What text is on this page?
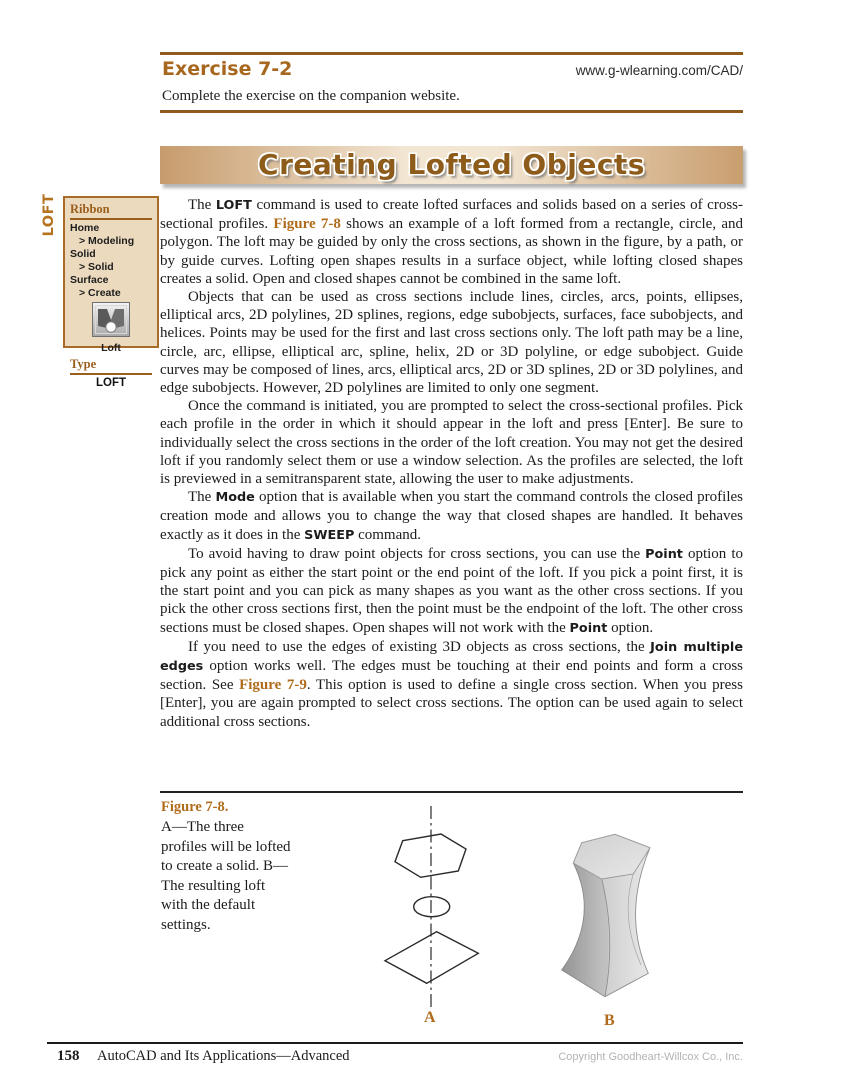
Exercise 7-2	www.g-wlearning.com/CAD/
Complete the exercise on the companion website.
Creating Lofted Objects
LOFT Ribbon
Home
> Modeling
Solid
> Solid
Surface
> Create
Loft
Type
LOFT

The LOFT command is used to create lofted surfaces and solids based on a series of cross-sectional profiles. Figure 7-8 shows an example of a loft formed from a rectangle, circle, and polygon. The loft may be guided by only the cross sections, as shown in the figure, by a path, or by guide curves. Lofting open shapes results in a surface object, while lofting closed shapes creates a solid. Open and closed shapes cannot be combined in the same loft.

Objects that can be used as cross sections include lines, circles, arcs, points, ellipses, elliptical arcs, 2D polylines, 2D splines, regions, edge subobjects, surfaces, face subobjects, and helices. Points may be used for the first and last cross sections only. The loft path may be a line, circle, arc, ellipse, elliptical arc, spline, helix, 2D or 3D polyline, or edge subobject. Guide curves may be composed of lines, arcs, elliptical arcs, 2D or 3D splines, 2D or 3D polylines, and edge subobjects. However, 2D polylines are limited to only one segment.

Once the command is initiated, you are prompted to select the cross-sectional profiles. Pick each profile in the order in which it should appear in the loft and press [Enter]. Be sure to individually select the cross sections in the order of the loft creation. You may not get the desired loft if you randomly select them or use a window selection. As the profiles are selected, the loft is previewed in a semitransparent state, allowing the user to make adjustments.

The Mode option that is available when you start the command controls the closed profiles creation mode and allows you to change the way that closed shapes are handled. It behaves exactly as it does in the SWEEP command.

To avoid having to draw point objects for cross sections, you can use the Point option to pick any point as either the start point or the end point of the loft. If you pick a point first, it is the start point and you can pick as many shapes as you want as the other cross sections. If you pick the other cross sections first, then the point must be the endpoint of the loft. The other cross sections must be closed shapes. Open shapes will not work with the Point option.

If you need to use the edges of existing 3D objects as cross sections, the Join multiple edges option works well. The edges must be touching at their end points and form a cross section. See Figure 7-9. This option is used to define a single cross section. When you press [Enter], you are again prompted to select cross sections. The option can be used again to select additional cross sections.

Figure 7-8.
A—The three profiles will be lofted to create a solid. B—The resulting loft with the default settings.
A	B
158 AutoCAD and Its Applications—Advanced	Copyright Goodheart-Willcox Co., Inc.
